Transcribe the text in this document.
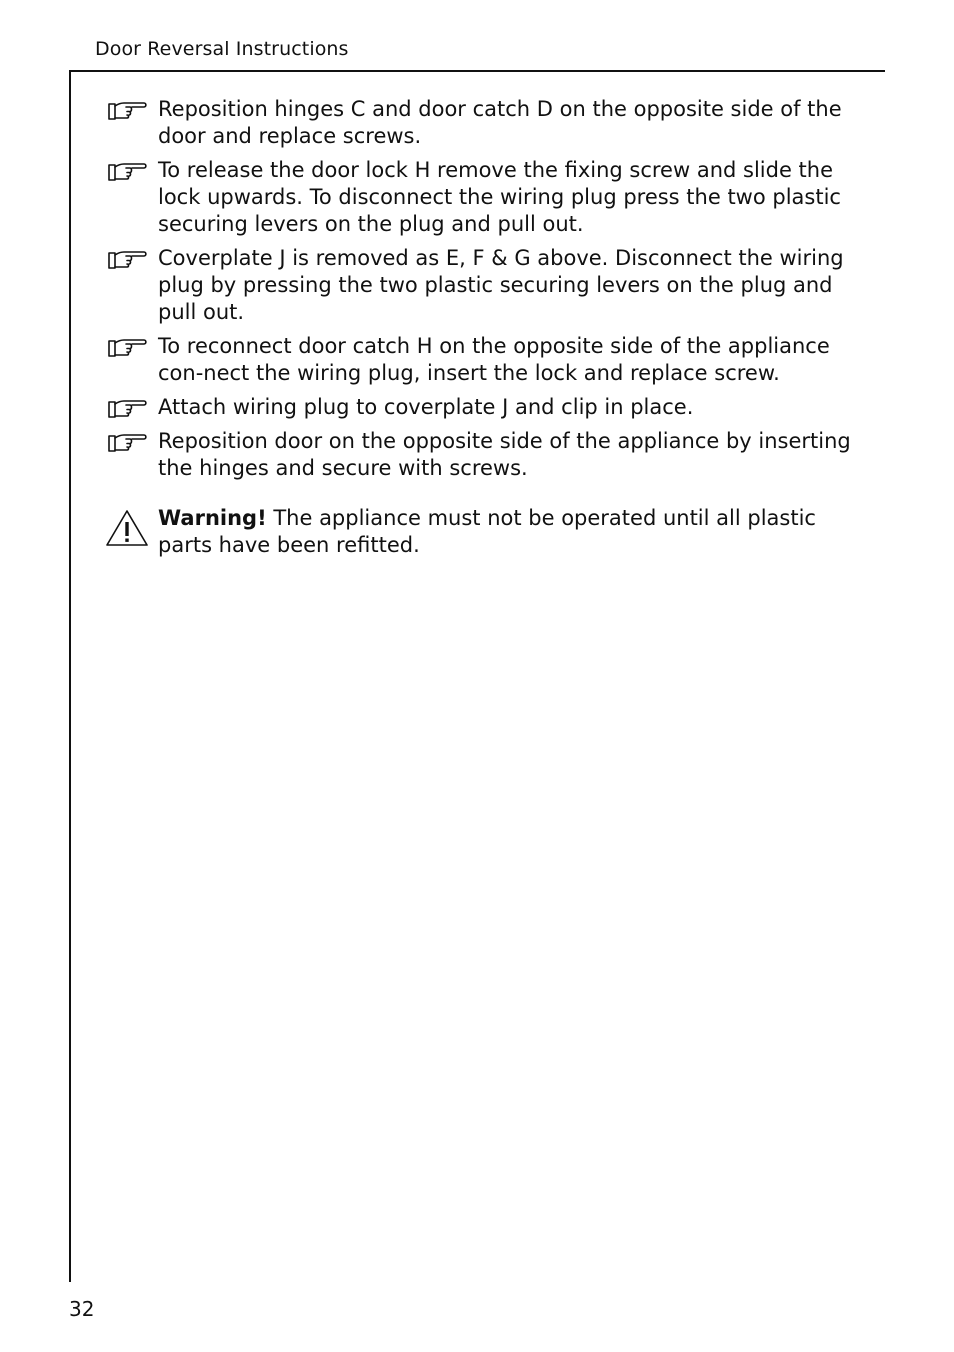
Door Reversal Instructions
Reposition hinges C and door catch D on the opposite side of the door and replace screws.
To release the door lock H remove the fixing screw and slide the lock upwards. To disconnect the wiring plug press the two plastic securing levers on the plug and pull out.
Coverplate J is removed as E, F & G above. Disconnect the wiring plug by pressing the two plastic securing levers on the plug and pull out.
To reconnect door catch H on the opposite side of the appliance con-nect the wiring plug, insert the lock and replace screw.
Attach wiring plug to coverplate J and clip in place.
Reposition door on the opposite side of the appliance by inserting the hinges and secure with screws.
Warning! The appliance must not be operated until all plastic parts have been refitted.
32
